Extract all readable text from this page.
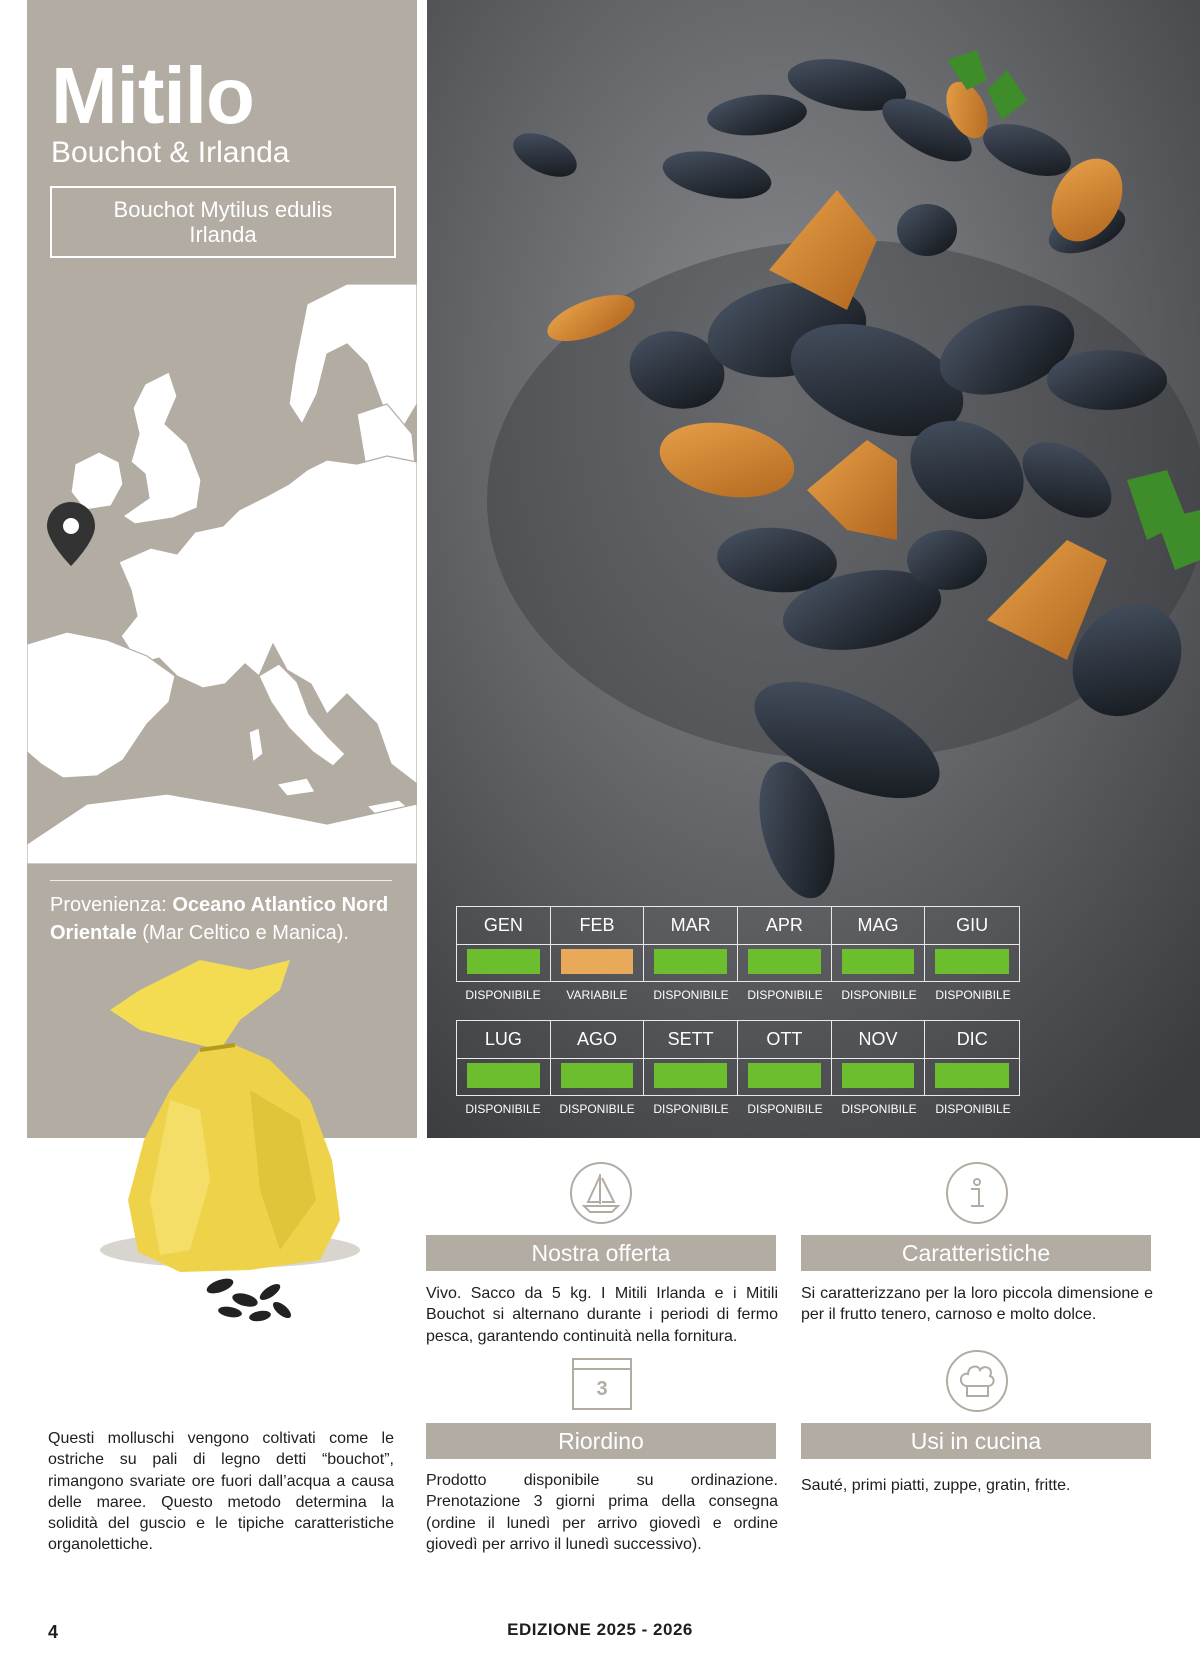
Mitilo
Bouchot & Irlanda
Bouchot Mytilus edulis
Irlanda
Provenienza: Oceano Atlantico Nord Orientale (Mar Celtico e Manica).	GEN	FEB	MAR	APR	MAG	GIU
DISPONIBILE	VARIABILE	DISPONIBILE	DISPONIBILE	DISPONIBILE	DISPONIBILE
LUG	AGO	SETT	OTT	NOV	DIC
DISPONIBILE	DISPONIBILE	DISPONIBILE	DISPONIBILE	DISPONIBILE	DISPONIBILE
Nostra offerta
Vivo. Sacco da 5 kg. I Mitili Irlanda e i Mitili Bouchot si alternano durante i periodi di fermo pesca, garantendo continuità nella fornitura.
Caratteristiche
Si caratterizzano per la loro piccola dimensione e per il frutto tenero, carnoso e molto dolce.
3
Riordino
Prodotto disponibile su ordinazione. Prenotazione 3 giorni prima della consegna (ordine il lunedì per arrivo giovedì e ordine giovedì per arrivo il lunedì successivo).
Usi in cucina
Sauté, primi piatti, zuppe, gratin, fritte.
Questi molluschi vengono coltivati come le ostriche su pali di legno detti “bouchot”, rimangono svariate ore fuori dall’acqua a causa delle maree. Questo metodo determina la solidità del guscio e le tipiche caratteristiche organolettiche.
4	EDIZIONE 2025 - 2026
